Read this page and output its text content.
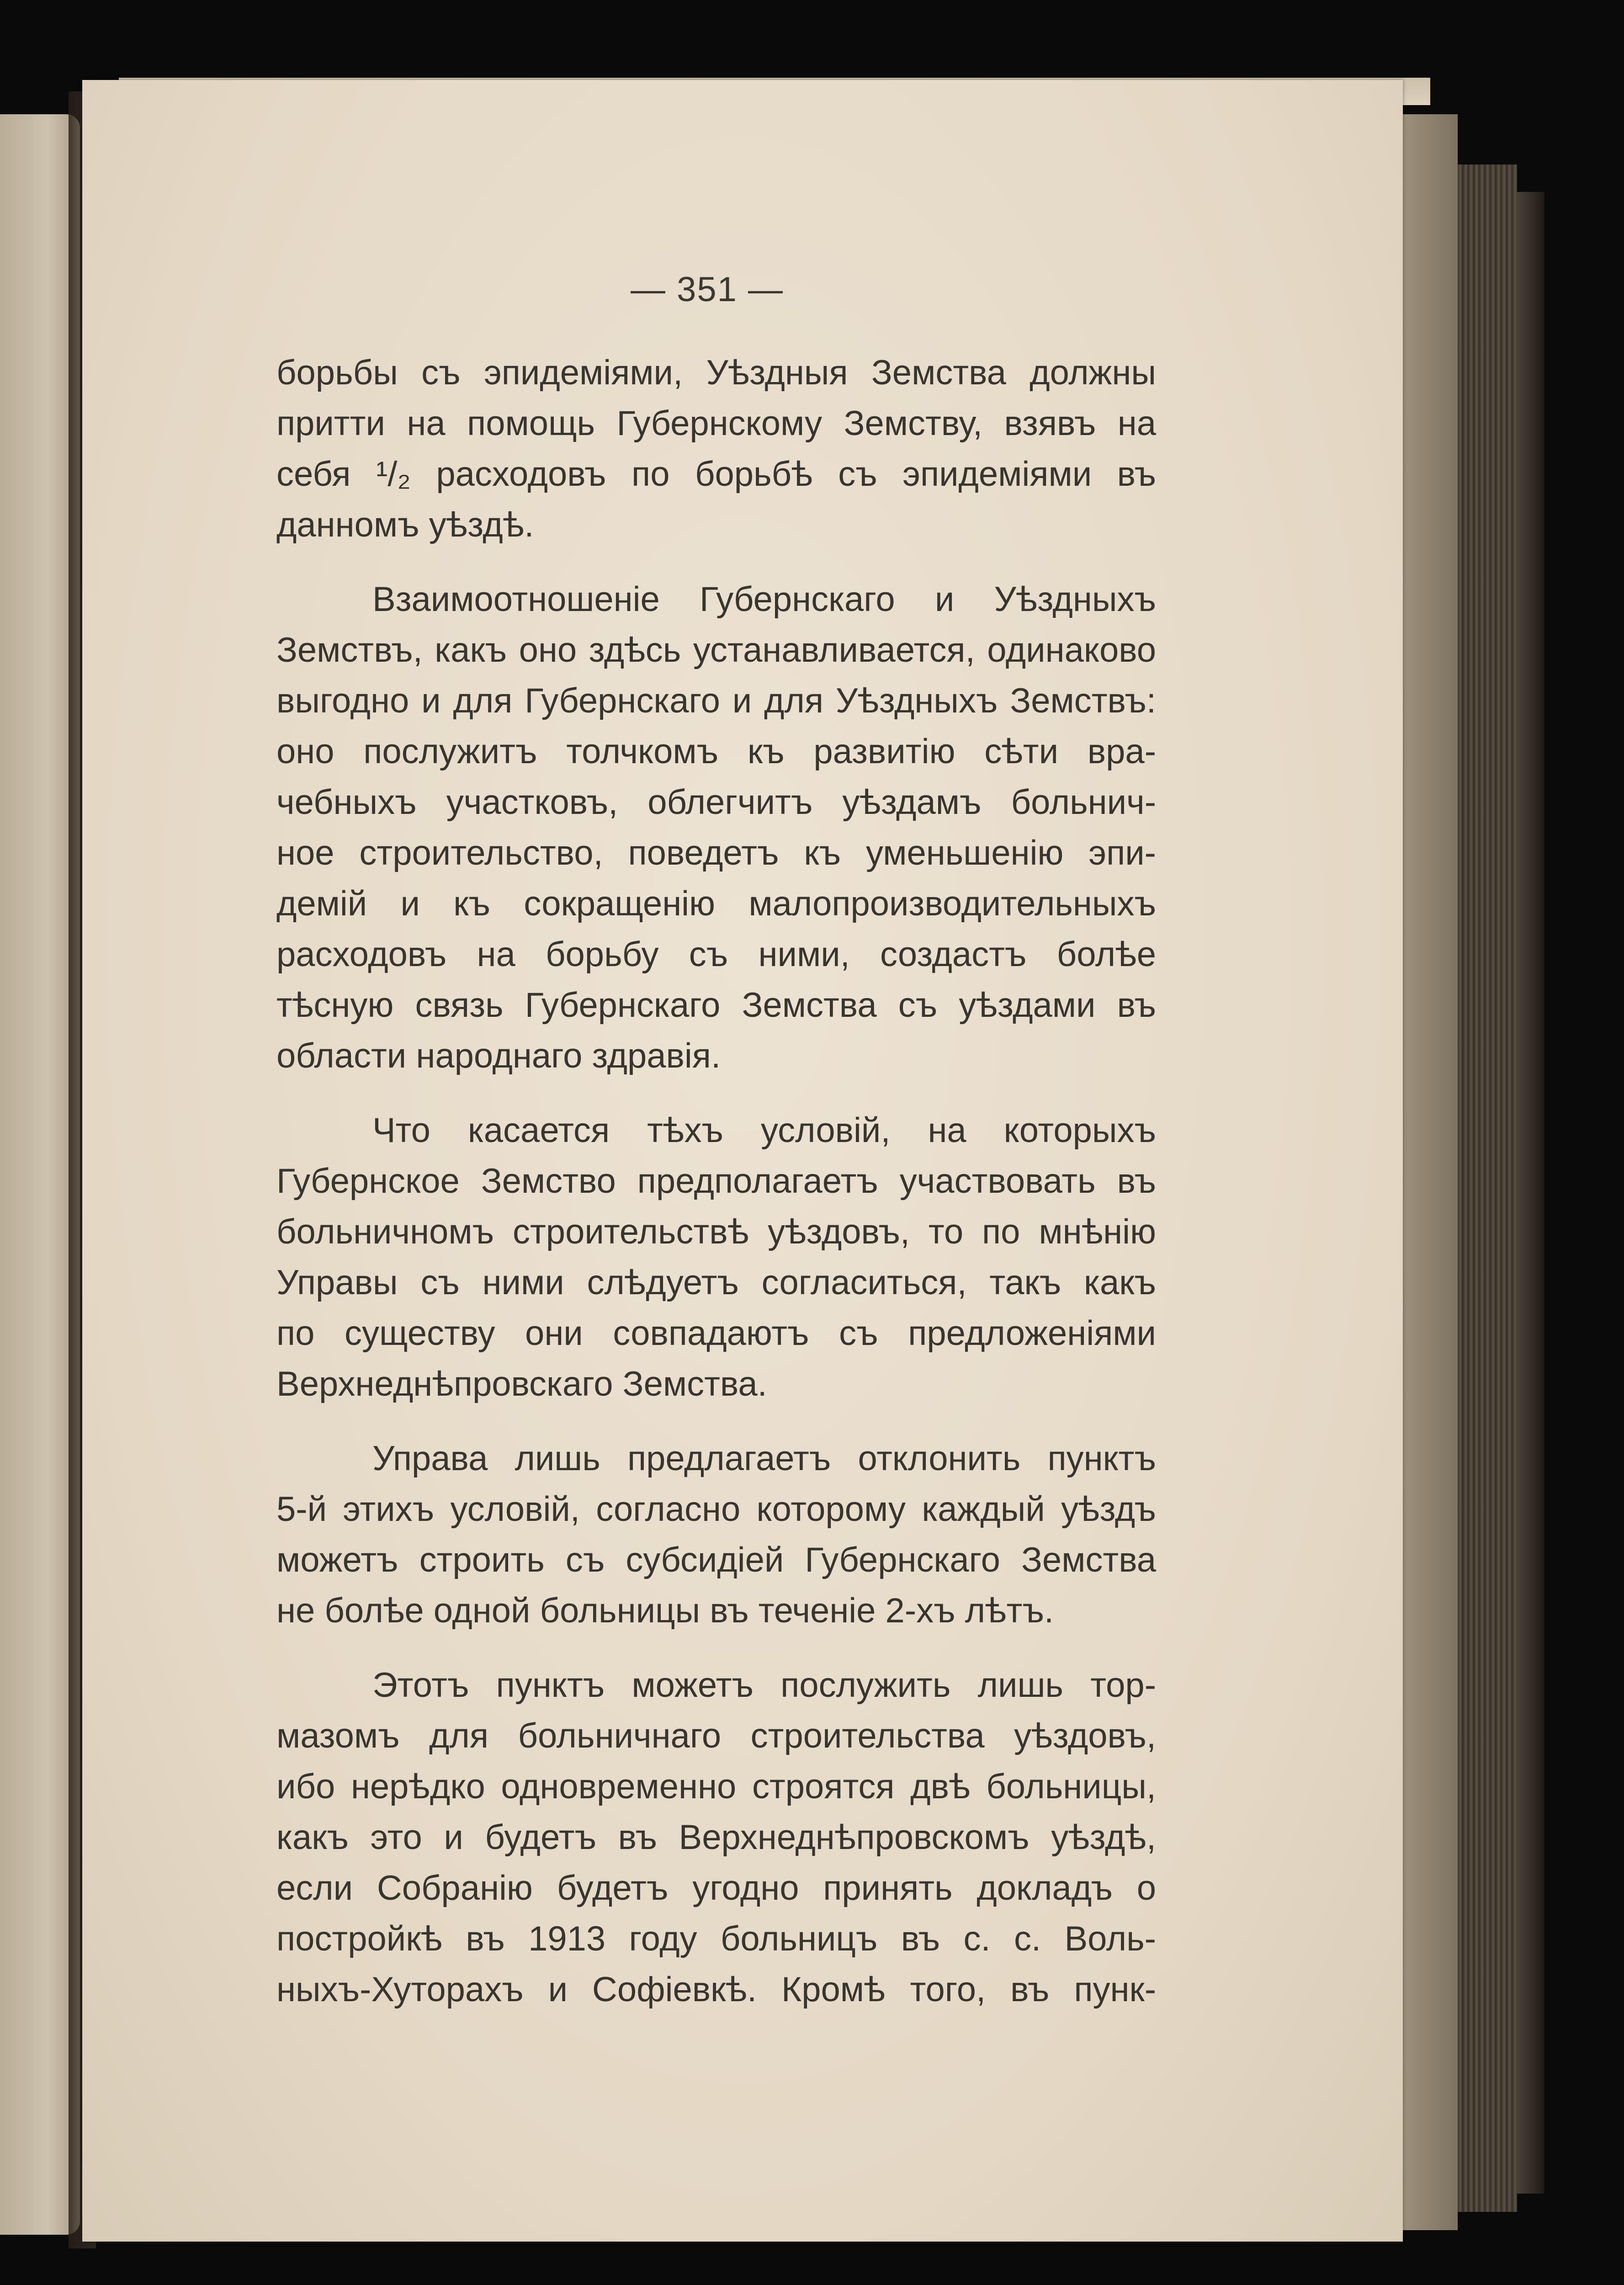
— 351 —
борьбы съ эпидеміями, Уѣздныя Земства должны
притти на помощь Губернскому Земству, взявъ на
себя ¹/₂ расходовъ по борьбѣ съ эпидеміями въ
данномъ уѣздѣ.
Взаимоотношеніе Губернскаго и Уѣздныхъ
Земствъ, какъ оно здѣсь устанавливается, одинаково
выгодно и для Губернскаго и для Уѣздныхъ Земствъ:
оно послужитъ толчкомъ къ развитію сѣти вра-
чебныхъ участковъ, облегчитъ уѣздамъ больнич-
ное строительство, поведетъ къ уменьшенію эпи-
демій и къ сокращенію малопроизводительныхъ
расходовъ на борьбу съ ними, создастъ болѣе
тѣсную связь Губернскаго Земства съ уѣздами въ
области народнаго здравія.
Что касается тѣхъ условій, на которыхъ
Губернское Земство предполагаетъ участвовать въ
больничномъ строительствѣ уѣздовъ, то по мнѣнію
Управы съ ними слѣдуетъ согласиться, такъ какъ
по существу они совпадаютъ съ предложеніями
Верхнеднѣпровскаго Земства.
Управа лишь предлагаетъ отклонить пунктъ
5-й этихъ условій, согласно которому каждый уѣздъ
можетъ строить съ субсидіей Губернскаго Земства
не болѣе одной больницы въ теченіе 2-хъ лѣтъ.
Этотъ пунктъ можетъ послужить лишь тор-
мазомъ для больничнаго строительства уѣздовъ,
ибо нерѣдко одновременно строятся двѣ больницы,
какъ это и будетъ въ Верхнеднѣпровскомъ уѣздѣ,
если Собранію будетъ угодно принять докладъ о
постройкѣ въ 1913 году больницъ въ с. с. Воль-
ныхъ-Хуторахъ и Софіевкѣ. Кромѣ того, въ пунк-
